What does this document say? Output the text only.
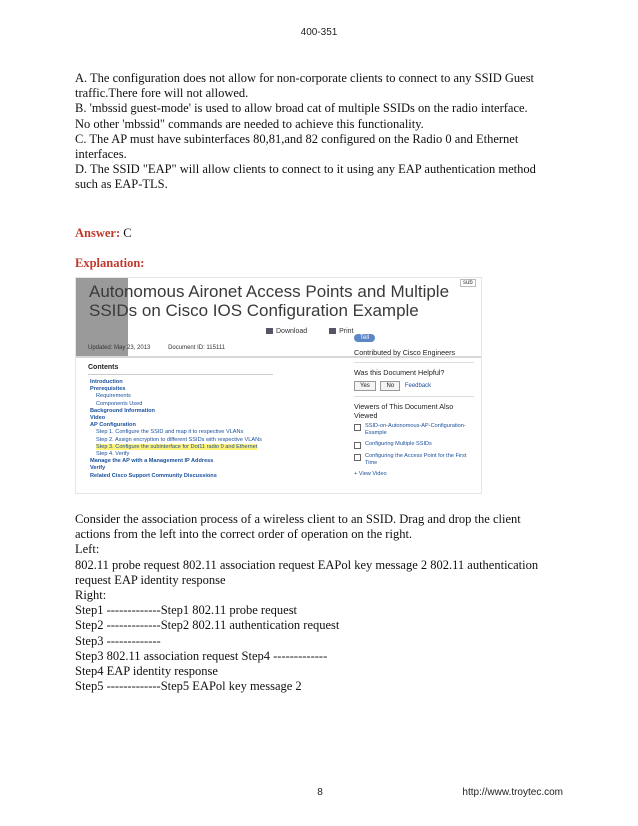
400-351

A. The configuration does not allow for non-corporate clients to connect to any SSID Guest traffic.There fore will not allowed.

B. 'mbssid guest-mode' is used to allow broad cat of multiple SSIDs on the radio interface. No other 'mbssid" commands are needed to achieve this functionality.

C. The AP must have subinterfaces 80,81,and 82 configured on the Radio 0 and Ethernet interfaces.

D. The SSID "EAP" will allow clients to connect to it using any EAP authentication method such as EAP-TLS.

Answer: C
Explanation:
Autonomous Aironet Access Points and Multiple SSIDs on Cisco IOS Configuration Example
sub
Download	Print
Updated: May 23, 2013	Document ID: 115111
Contents
Introduction
Prerequisites
Requirements
Components Used
Background Information
Video
AP Configuration
Step 1. Configure the SSID and map it to respective VLANs
Step 2. Assign encryption to different SSIDs with respective VLANs
Step 3. Configure the subinterface for Dot11 radio 0 and Ethernet
Step 4. Verify
Manage the AP with a Management IP Address
Verify
Related Cisco Support Community Discussions
Tell
Contributed by Cisco Engineers
Was this Document Helpful?
Yes	No Feedback
Viewers of This Document Also Viewed
SSID-on-Autonomous-AP-Configuration-Example
Configuring Multiple SSIDs
Configuring the Access Point for the First Time
+ View Video

Consider the association process of a wireless client to an SSID. Drag and drop the client actions from the left into the correct order of operation on the right.

Left:

802.11 probe request 802.11 association request EAPol key message 2 802.11 authentication request EAP identity response

Right:

Step1 -------------Step1 802.11 probe request

Step2 -------------Step2 802.11 authentication request

Step3 -------------

Step3 802.11 association request Step4 -------------

Step4 EAP identity response

Step5 -------------Step5 EAPol key message 2

8	http://www.troytec.com
